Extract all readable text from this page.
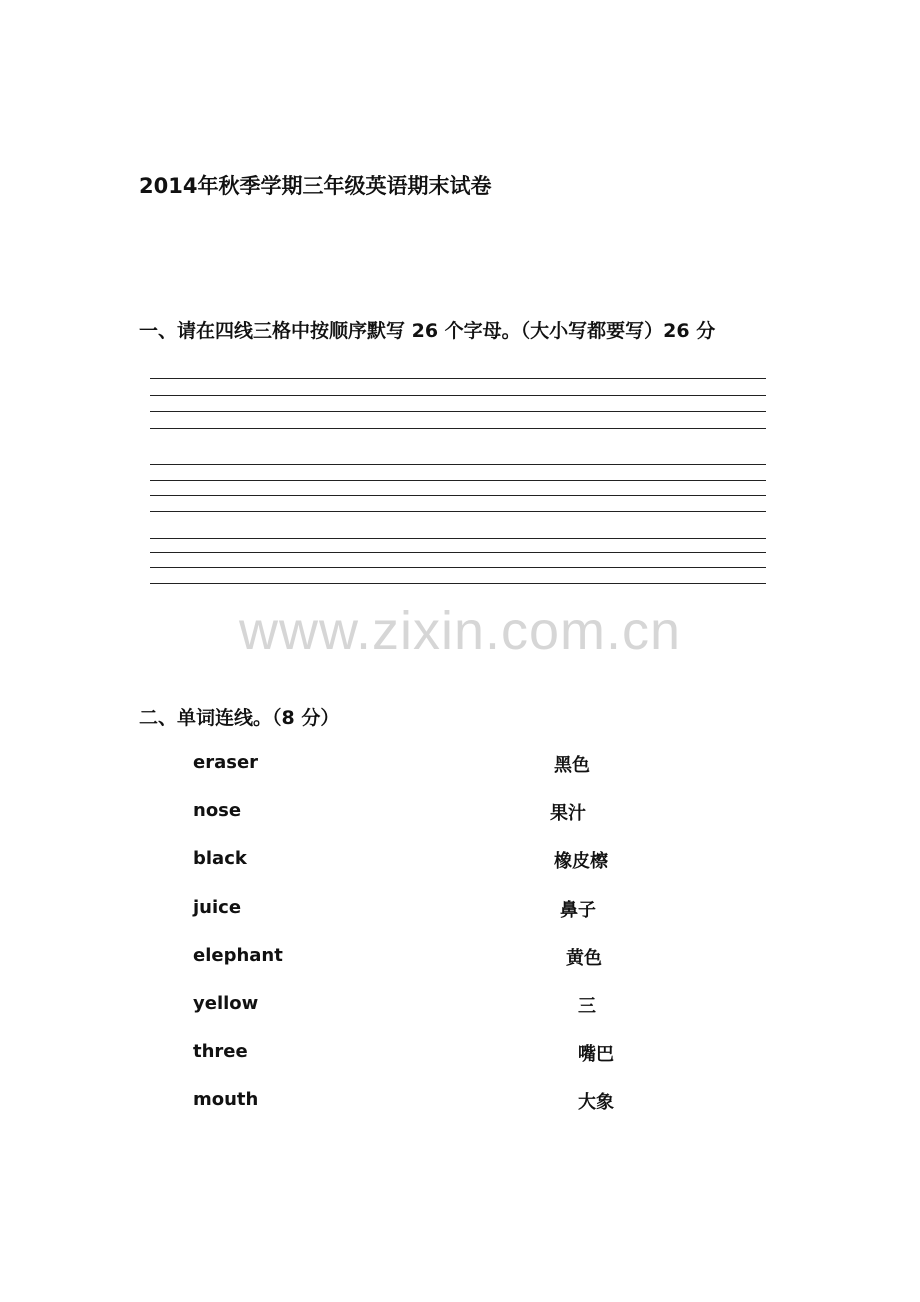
2014年秋季学期三年级英语期末试卷
一、请在四线三格中按顺序默写 26 个字母。（大小写都要写）26 分
www.zixin.com.cn
二、单词连线。（8 分）
eraser
nose
black
juice
elephant
yellow
three
mouth
黑色
果汁
橡皮檫
鼻子
黄色
三
嘴巴
大象
